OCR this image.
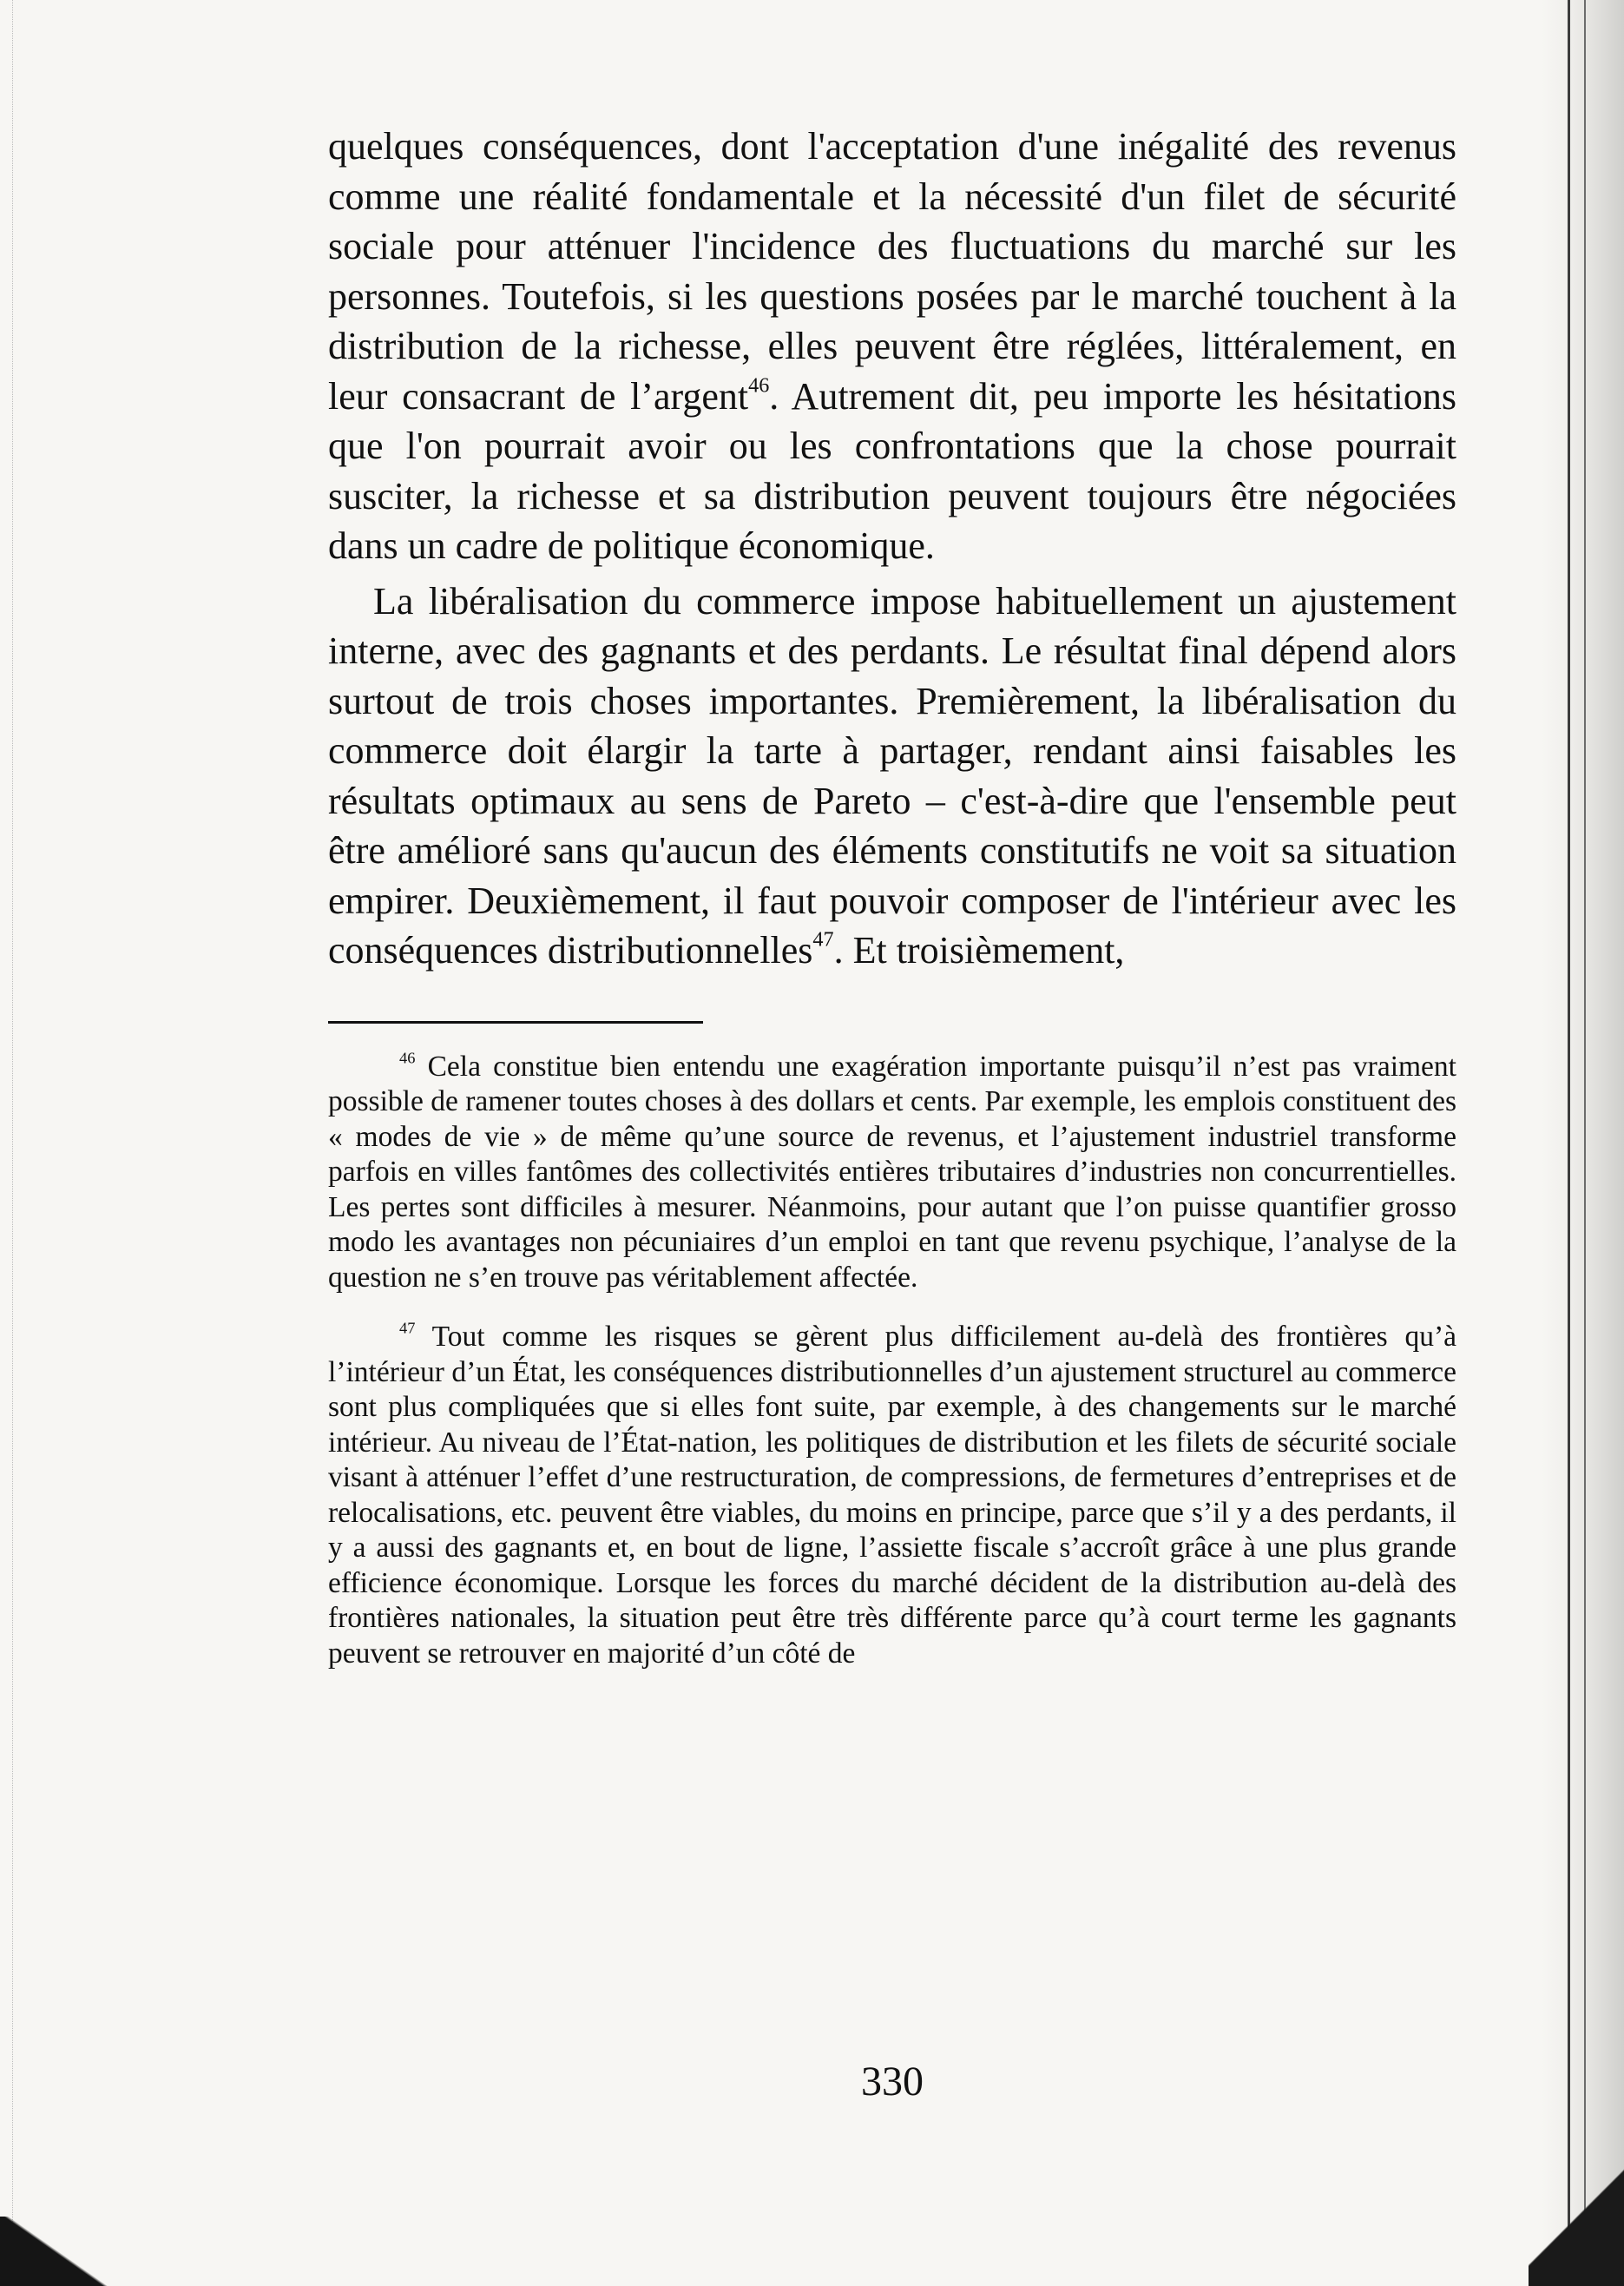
quelques conséquences, dont l'acceptation d'une inégalité des revenus comme une réalité fondamentale et la nécessité d'un filet de sécurité sociale pour atténuer l'incidence des fluctuations du marché sur les personnes. Toutefois, si les questions posées par le marché touchent à la distribution de la richesse, elles peuvent être réglées, littéralement, en leur consacrant de l’argent$^{46}$. Autrement dit, peu importe les hésitations que l'on pourrait avoir ou les confrontations que la chose pourrait susciter, la richesse et sa distribution peuvent toujours être négociées dans un cadre de politique économique.

La libéralisation du commerce impose habituellement un ajustement interne, avec des gagnants et des perdants. Le résultat final dépend alors surtout de trois choses importantes. Premièrement, la libéralisation du commerce doit élargir la tarte à partager, rendant ainsi faisables les résultats optimaux au sens de Pareto – c'est-à-dire que l'ensemble peut être amélioré sans qu'aucun des éléments constitutifs ne voit sa situation empirer. Deuxièmement, il faut pouvoir composer de l'intérieur avec les conséquences distributionnelles$^{47}$. Et troisièmement,

$^{46}$ Cela constitue bien entendu une exagération importante puisqu’il n’est pas vraiment possible de ramener toutes choses à des dollars et cents. Par exemple, les emplois constituent des « modes de vie » de même qu’une source de revenus, et l’ajustement industriel transforme parfois en villes fantômes des collectivités entières tributaires d’industries non concurrentielles. Les pertes sont difficiles à mesurer. Néanmoins, pour autant que l’on puisse quantifier grosso modo les avantages non pécuniaires d’un emploi en tant que revenu psychique, l’analyse de la question ne s’en trouve pas véritablement affectée.

$^{47}$ Tout comme les risques se gèrent plus difficilement au-delà des frontières qu’à l’intérieur d’un État, les conséquences distributionnelles d’un ajustement structurel au commerce sont plus compliquées que si elles font suite, par exemple, à des changements sur le marché intérieur. Au niveau de l’État-nation, les politiques de distribution et les filets de sécurité sociale visant à atténuer l’effet d’une restructuration, de compressions, de fermetures d’entreprises et de relocalisations, etc. peuvent être viables, du moins en principe, parce que s’il y a des perdants, il y a aussi des gagnants et, en bout de ligne, l’assiette fiscale s’accroît grâce à une plus grande efficience économique. Lorsque les forces du marché décident de la distribution au-delà des frontières nationales, la situation peut être très différente parce qu’à court terme les gagnants peuvent se retrouver en majorité d’un côté de

330
